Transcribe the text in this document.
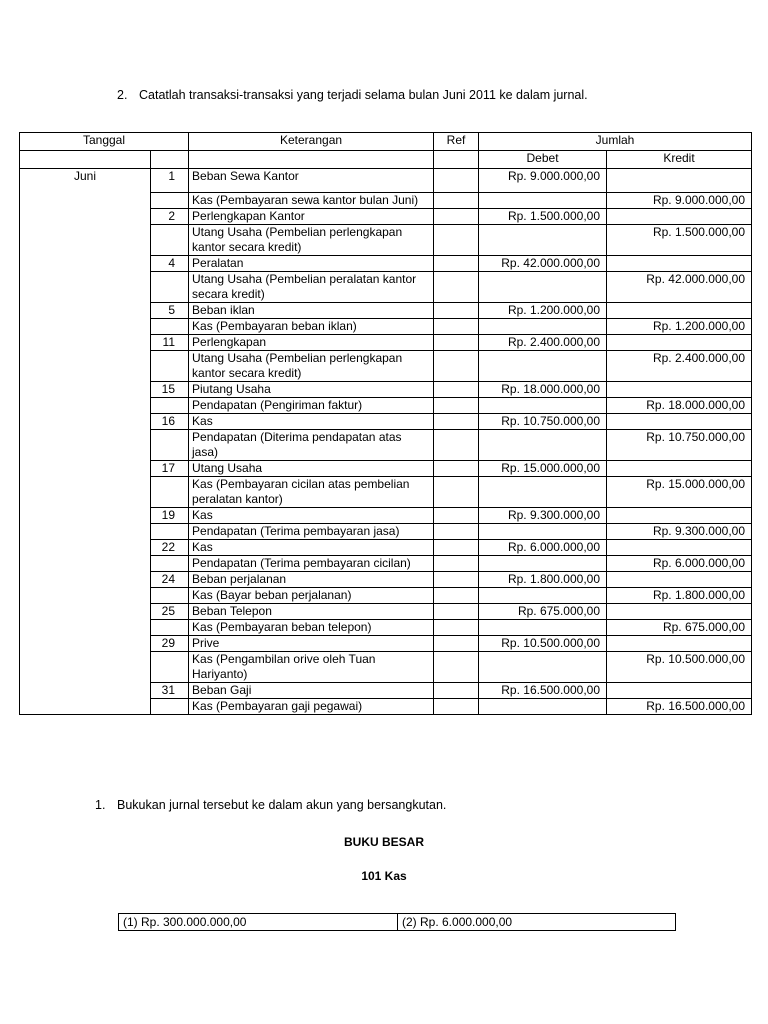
2. Catatlah transaksi-transaksi yang terjadi selama bulan Juni 2011 ke dalam jurnal.
Tanggal		Keterangan	Ref	Jumlah	
				Debet	Kredit
Juni	1	Beban Sewa Kantor		Rp. 9.000.000,00	
		Kas (Pembayaran sewa kantor bulan Juni)			Rp. 9.000.000,00
	2	Perlengkapan Kantor		Rp. 1.500.000,00	
		Utang Usaha (Pembelian perlengkapan kantor secara kredit)			Rp. 1.500.000,00
	4	Peralatan		Rp. 42.000.000,00	
		Utang Usaha (Pembelian peralatan kantor secara kredit)			Rp. 42.000.000,00
	5	Beban iklan		Rp. 1.200.000,00	
		Kas (Pembayaran beban iklan)			Rp. 1.200.000,00
	11	Perlengkapan		Rp. 2.400.000,00	
		Utang Usaha (Pembelian perlengkapan kantor secara kredit)			Rp. 2.400.000,00
	15	Piutang Usaha		Rp. 18.000.000,00	
		Pendapatan (Pengiriman faktur)			Rp. 18.000.000,00
	16	Kas		Rp. 10.750.000,00	
		Pendapatan (Diterima pendapatan atas jasa)			Rp. 10.750.000,00
	17	Utang Usaha		Rp. 15.000.000,00	
		Kas (Pembayaran cicilan atas pembelian peralatan kantor)			Rp. 15.000.000,00
	19	Kas		Rp. 9.300.000,00	
		Pendapatan (Terima pembayaran jasa)			Rp. 9.300.000,00
	22	Kas		Rp. 6.000.000,00	
		Pendapatan (Terima pembayaran cicilan)			Rp. 6.000.000,00
	24	Beban perjalanan		Rp. 1.800.000,00	
		Kas (Bayar beban perjalanan)			Rp. 1.800.000,00
	25	Beban Telepon		Rp. 675.000,00	
		Kas (Pembayaran beban telepon)			Rp. 675.000,00
	29	Prive		Rp. 10.500.000,00	
		Kas (Pengambilan orive oleh Tuan Hariyanto)			Rp. 10.500.000,00
	31	Beban Gaji		Rp. 16.500.000,00	
		Kas (Pembayaran gaji pegawai)			Rp. 16.500.000,00
1. Bukukan jurnal tersebut ke dalam akun yang bersangkutan.
BUKU BESAR
101 Kas
(1) Rp. 300.000.000,00	(2) Rp. 6.000.000,00
